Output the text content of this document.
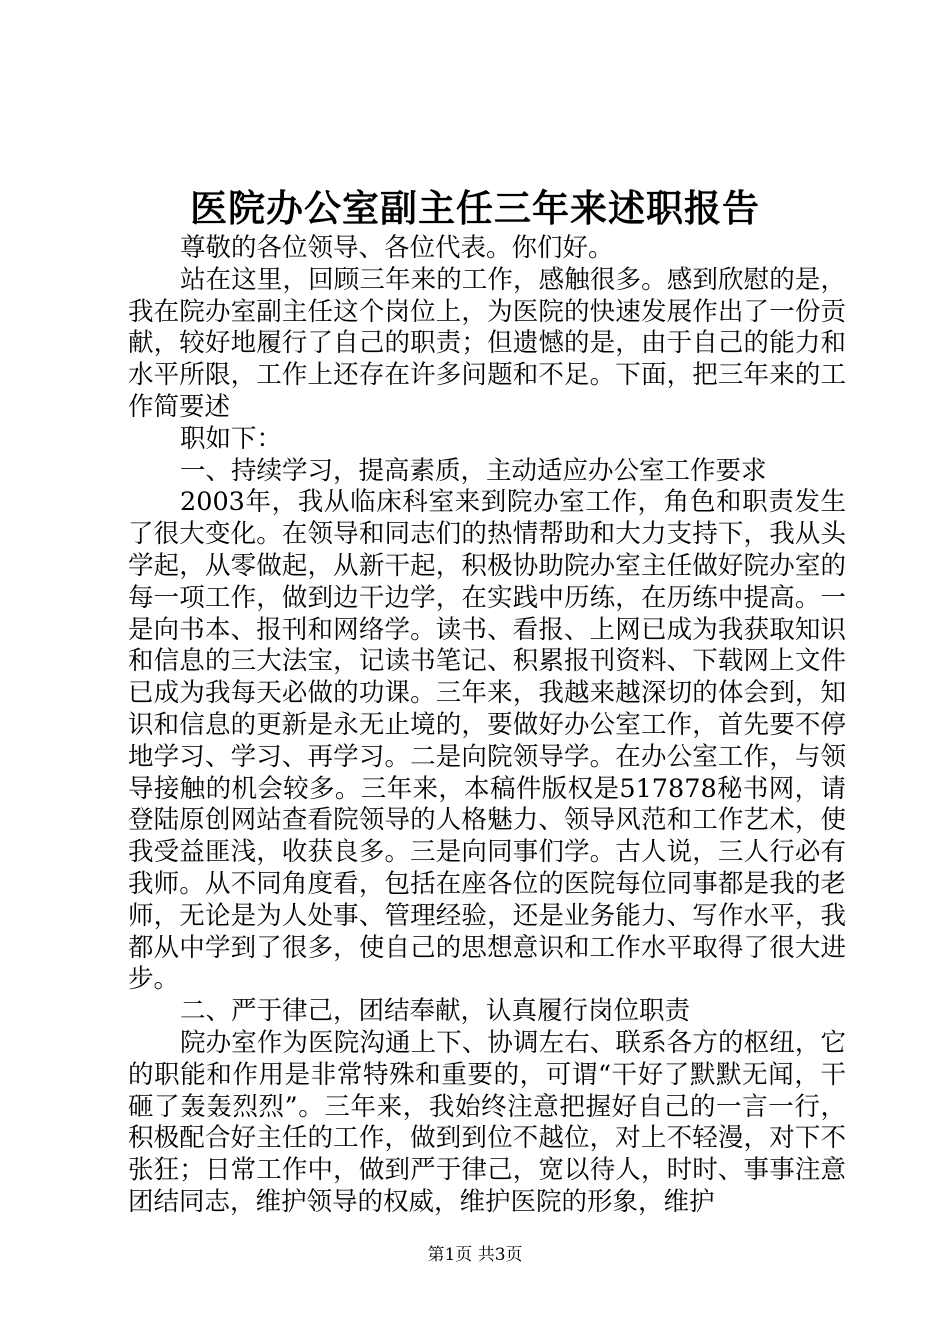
医院办公室副主任三年来述职报告

尊敬的各位领导、各位代表。你们好。

站在这里，回顾三年来的工作，感触很多。感到欣慰的是，我在院办室副主任这个岗位上，为医院的快速发展作出了一份贡献，较好地履行了自己的职责；但遗憾的是，由于自己的能力和水平所限，工作上还存在许多问题和不足。下面，把三年来的工作简要述

职如下：

一、持续学习，提高素质，主动适应办公室工作要求

2003年，我从临床科室来到院办室工作，角色和职责发生了很大变化。在领导和同志们的热情帮助和大力支持下，我从头学起，从零做起，从新干起，积极协助院办室主任做好院办室的每一项工作，做到边干边学，在实践中历练，在历练中提高。一是向书本、报刊和网络学。读书、看报、上网已成为我获取知识和信息的三大法宝，记读书笔记、积累报刊资料、下载网上文件已成为我每天必做的功课。三年来，我越来越深切的体会到，知识和信息的更新是永无止境的，要做好办公室工作，首先要不停地学习、学习、再学习。二是向院领导学。在办公室工作，与领导接触的机会较多。三年来，本稿件版权是517878秘书网，请登陆原创网站查看院领导的人格魅力、领导风范和工作艺术，使我受益匪浅，收获良多。三是向同事们学。古人说，三人行必有我师。从不同角度看，包括在座各位的医院每位同事都是我的老师，无论是为人处事、管理经验，还是业务能力、写作水平，我都从中学到了很多，使自己的思想意识和工作水平取得了很大进步。

二、严于律己，团结奉献，认真履行岗位职责

院办室作为医院沟通上下、协调左右、联系各方的枢纽，它的职能和作用是非常特殊和重要的，可谓“干好了默默无闻，干砸了轰轰烈烈”。三年来，我始终注意把握好自己的一言一行，积极配合好主任的工作，做到到位不越位，对上不轻漫，对下不张狂；日常工作中，做到严于律己，宽以待人，时时、事事注意团结同志，维护领导的权威，维护医院的形象，维护

第1页 共3页
